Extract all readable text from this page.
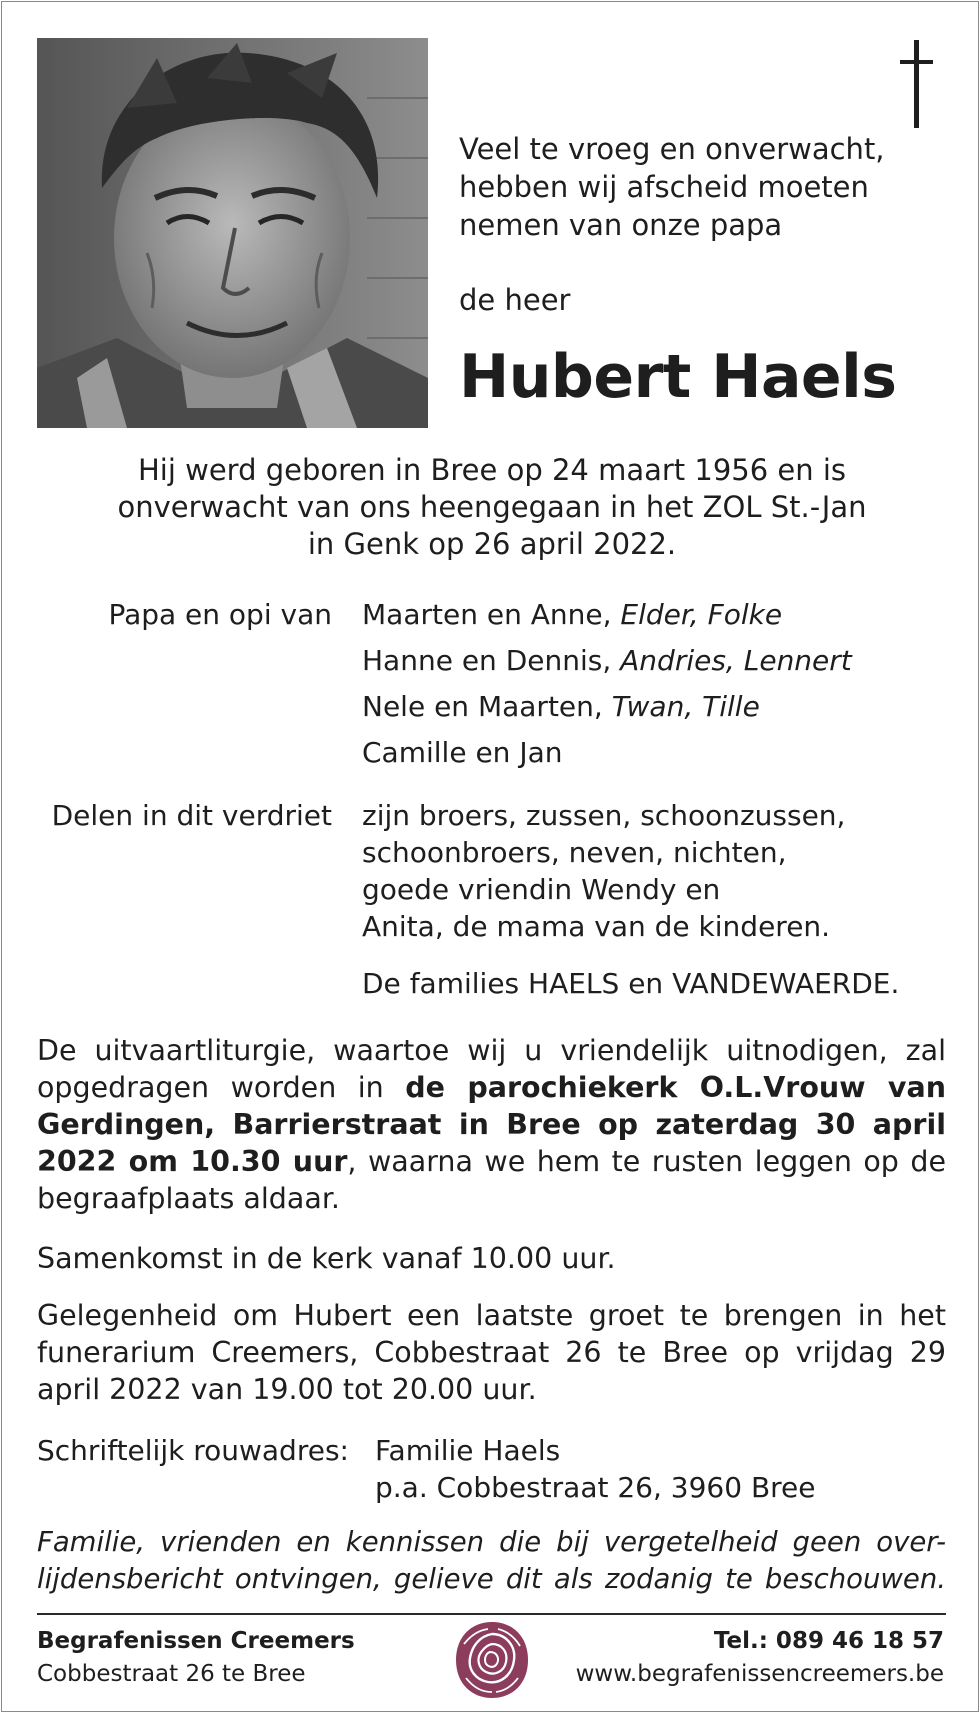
Veel te vroeg en onverwacht,
hebben wij afscheid moeten
nemen van onze papa
de heer
Hubert Haels
Hij werd geboren in Bree op 24 maart 1956 en is
onverwacht van ons heengegaan in het ZOL St.-Jan
in Genk op 26 april 2022.
Papa en opi van Maarten en Anne, Elder, Folke
Hanne en Dennis, Andries, Lennert
Nele en Maarten, Twan, Tille
Camille en Jan
Delen in dit verdriet zijn broers, zussen, schoonzussen,
schoonbroers, neven, nichten,
goede vriendin Wendy en
Anita, de mama van de kinderen.
De families HAELS en VANDEWAERDE.
De uitvaartliturgie, waartoe wij u vriendelijk uitnodigen, zal opgedragen worden in de parochiekerk O.L.Vrouw van Gerdingen, Barrierstraat in Bree op zaterdag 30 april 2022 om 10.30 uur, waarna we hem te rusten leggen op de begraafplaats aldaar.
Samenkomst in de kerk vanaf 10.00 uur.
Gelegenheid om Hubert een laatste groet te brengen in het funerarium Creemers, Cobbestraat 26 te Bree op vrijdag 29 april 2022 van 19.00 tot 20.00 uur.
Schriftelijk rouwadres: Familie Haels
p.a. Cobbestraat 26, 3960 Bree
Familie, vrienden en kennissen die bij vergetelheid geen over-
lijdensbericht ontvingen, gelieve dit als zodanig te beschouwen.
Begrafenissen Creemers
Cobbestraat 26 te Bree
Tel.: 089 46 18 57
www.begrafenissencreemers.be
